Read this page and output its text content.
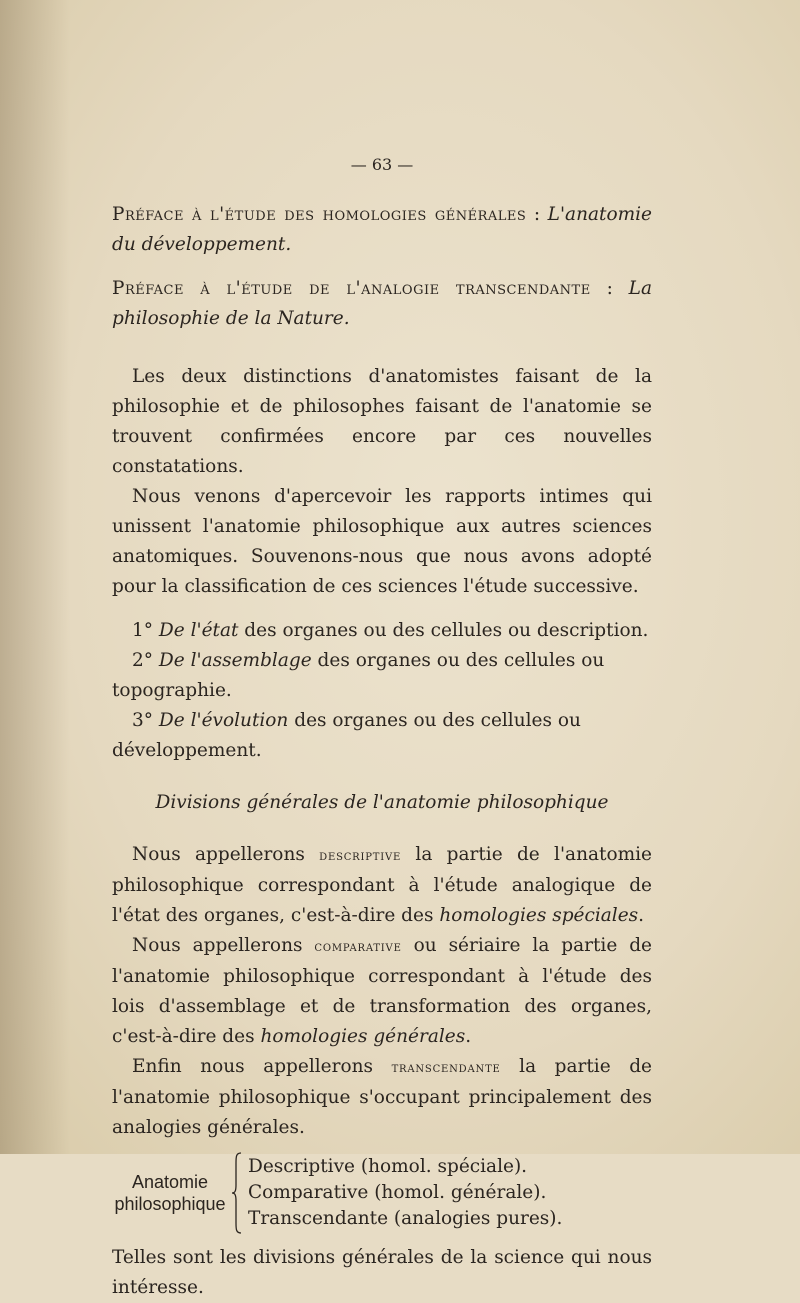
— 63 —

Préface à l'étude des homologies générales : L'anatomie du développement.

Préface à l'étude de l'analogie transcendante : La philosophie de la Nature.

Les deux distinctions d'anatomistes faisant de la philosophie et de philosophes faisant de l'anatomie se trouvent confirmées encore par ces nouvelles constatations.

Nous venons d'apercevoir les rapports intimes qui unissent l'anatomie philosophique aux autres sciences anatomiques. Souvenons-nous que nous avons adopté pour la classification de ces sciences l'étude successive.

1° De l'état des organes ou des cellules ou description.

2° De l'assemblage des organes ou des cellules ou topographie.

3° De l'évolution des organes ou des cellules ou développement.

Divisions générales de l'anatomie philosophique

Nous appellerons descriptive la partie de l'anatomie philosophique correspondant à l'étude analogique de l'état des organes, c'est-à-dire des homologies spéciales.

Nous appellerons comparative ou sériaire la partie de l'anatomie philosophique correspondant à l'étude des lois d'assemblage et de transformation des organes, c'est-à-dire des homologies générales.

Enfin nous appellerons transcendante la partie de l'anatomie philosophique s'occupant principalement des analogies générales.

Anatomie
philosophique
Descriptive (homol. spéciale).
Comparative (homol. générale).
Transcendante (analogies pures).

Telles sont les divisions générales de la science qui nous intéresse.
